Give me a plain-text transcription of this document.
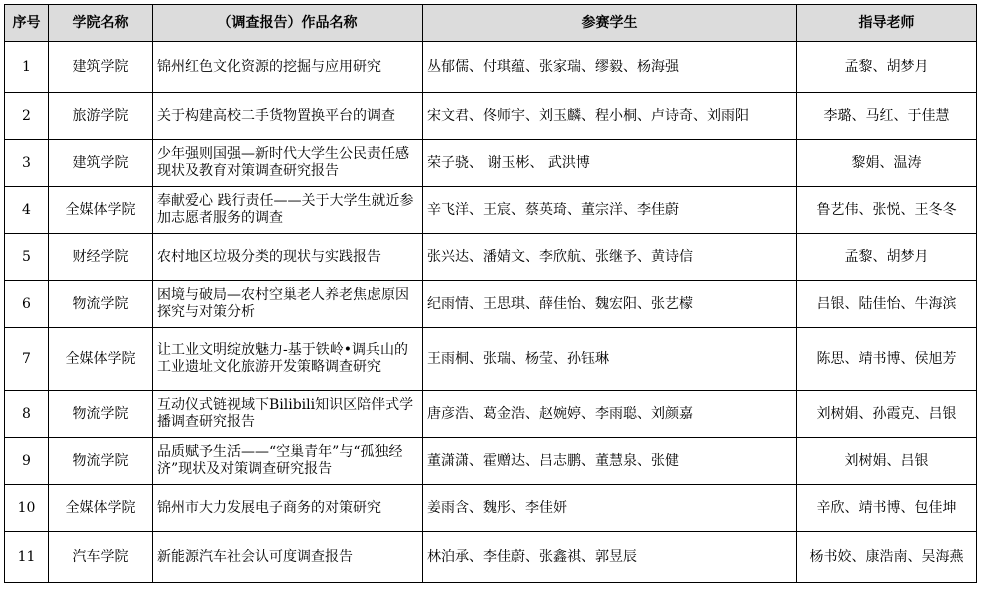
序号	学院名称	（调查报告）作品名称	参赛学生	指导老师
1	建筑学院	锦州红色文化资源的挖掘与应用研究	丛郁儒、付琪蕴、张家瑞、缪毅、杨海强	孟黎、胡梦月
2	旅游学院	关于构建高校二手货物置换平台的调查	宋文君、佟师宇、刘玉麟、程小桐、卢诗奇、刘雨阳	李璐、马红、于佳慧
3	建筑学院	少年强则国强—新时代大学生公民责任感现状及教育对策调查研究报告	荣子骁、 谢玉彬、 武洪博	黎娟、温涛
4	全媒体学院	奉献爱心 践行责任——关于大学生就近参加志愿者服务的调查	辛飞洋、王宸、蔡英琦、董宗洋、李佳蔚	鲁艺伟、张悦、王冬冬
5	财经学院	农村地区垃圾分类的现状与实践报告	张兴达、潘婧文、李欣航、张继予、黄诗信	孟黎、胡梦月
6	物流学院	困境与破局—农村空巢老人养老焦虑原因探究与对策分析	纪雨情、王思琪、薛佳怡、魏宏阳、张艺檬	吕银、陆佳怡、牛海滨
7	全媒体学院	让工业文明绽放魅力-基于铁岭•调兵山的工业遗址文化旅游开发策略调查研究	王雨桐、张瑞、杨莹、孙钰琳	陈思、靖书博、侯旭芳
8	物流学院	互动仪式链视域下Bilibili知识区陪伴式学播调查研究报告	唐彦浩、葛金浩、赵婉婷、李雨聪、刘颜嘉	刘树娟、孙霞克、吕银
9	物流学院	品质赋予生活——“空巢青年”与“孤独经济”现状及对策调查研究报告	董潇潇、霍赠达、吕志鹏、董慧泉、张健	刘树娟、吕银
10	全媒体学院	锦州市大力发展电子商务的对策研究	姜雨含、魏彤、李佳妍	辛欣、靖书博、包佳坤
11	汽车学院	新能源汽车社会认可度调查报告	林泊承、李佳蔚、张鑫祺、郭昱辰	杨书姣、康浩南、吴海燕
